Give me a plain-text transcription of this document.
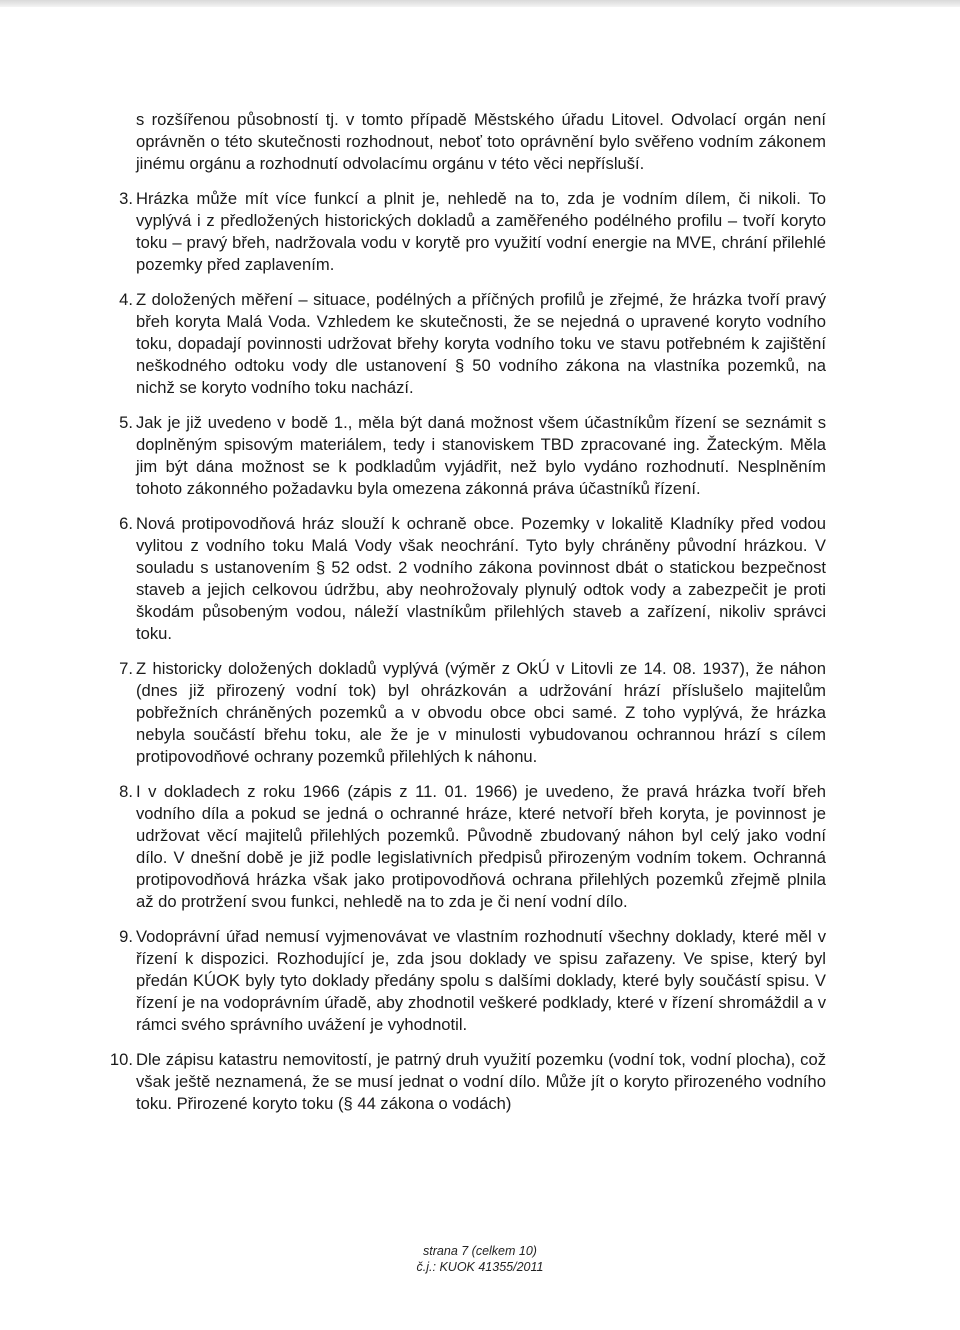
s rozšířenou působností tj. v tomto případě Městského úřadu Litovel. Odvolací orgán není oprávněn o této skutečnosti rozhodnout, neboť toto oprávnění bylo svěřeno vodním zákonem jinému orgánu a rozhodnutí odvolacímu orgánu v této věci nepřísluší.

3. Hrázka může mít více funkcí a plnit je, nehledě na to, zda je vodním dílem, či nikoli. To vyplývá i z předložených historických dokladů a zaměřeného podélného profilu – tvoří koryto toku – pravý břeh, nadržovala vodu v korytě pro využití vodní energie na MVE, chrání přilehlé pozemky před zaplavením.

4. Z doložených měření – situace, podélných a příčných profilů je zřejmé, že hrázka tvoří pravý břeh koryta Malá Voda. Vzhledem ke skutečnosti, že se nejedná o upravené koryto vodního toku, dopadají povinnosti udržovat břehy koryta vodního toku ve stavu potřebném k zajištění neškodného odtoku vody dle ustanovení § 50 vodního zákona na vlastníka pozemků, na nichž se koryto vodního toku nachází.

5. Jak je již uvedeno v bodě 1., měla být daná možnost všem účastníkům řízení se seznámit s doplněným spisovým materiálem, tedy i stanoviskem TBD zpracované ing. Žateckým. Měla jim být dána možnost se k podkladům vyjádřit, než bylo vydáno rozhodnutí. Nesplněním tohoto zákonného požadavku byla omezena zákonná práva účastníků řízení.

6. Nová protipovodňová hráz slouží k ochraně obce. Pozemky v lokalitě Kladníky před vodou vylitou z vodního toku Malá Vody však neochrání. Tyto byly chráněny původní hrázkou. V souladu s ustanovením § 52 odst. 2 vodního zákona povinnost dbát o statickou bezpečnost staveb a jejich celkovou údržbu, aby neohrožovaly plynulý odtok vody a zabezpečit je proti škodám působeným vodou, náleží vlastníkům přilehlých staveb a zařízení, nikoliv správci toku.

7. Z historicky doložených dokladů vyplývá (výměr z OkÚ v Litovli ze 14. 08. 1937), že náhon (dnes již přirozený vodní tok) byl ohrázkován a udržování hrází příslušelo majitelům pobřežních chráněných pozemků a v obvodu obce obci samé. Z toho vyplývá, že hrázka nebyla součástí břehu toku, ale že je v minulosti vybudovanou ochrannou hrází s cílem protipovodňové ochrany pozemků přilehlých k náhonu.

8. I v dokladech z roku 1966 (zápis z 11. 01. 1966) je uvedeno, že pravá hrázka tvoří břeh vodního díla a pokud se jedná o ochranné hráze, které netvoří břeh koryta, je povinnost je udržovat věcí majitelů přilehlých pozemků. Původně zbudovaný náhon byl celý jako vodní dílo. V dnešní době je již podle legislativních předpisů přirozeným vodním tokem. Ochranná protipovodňová hrázka však jako protipovodňová ochrana přilehlých pozemků zřejmě plnila až do protržení svou funkci, nehledě na to zda je či není vodní dílo.

9. Vodoprávní úřad nemusí vyjmenovávat ve vlastním rozhodnutí všechny doklady, které měl v řízení k dispozici. Rozhodující je, zda jsou doklady ve spisu zařazeny. Ve spise, který byl předán KÚOK byly tyto doklady předány spolu s dalšími doklady, které byly součástí spisu. V řízení je na vodoprávním úřadě, aby zhodnotil veškeré podklady, které v řízení shromáždil a v rámci svého správního uvážení je vyhodnotil.

10. Dle zápisu katastru nemovitostí, je patrný druh využití pozemku (vodní tok, vodní plocha), což však ještě neznamená, že se musí jednat o vodní dílo. Může jít o koryto přirozeného vodního toku. Přirozené koryto toku (§ 44 zákona o vodách)

strana 7 (celkem 10)
č.j.: KUOK 41355/2011
